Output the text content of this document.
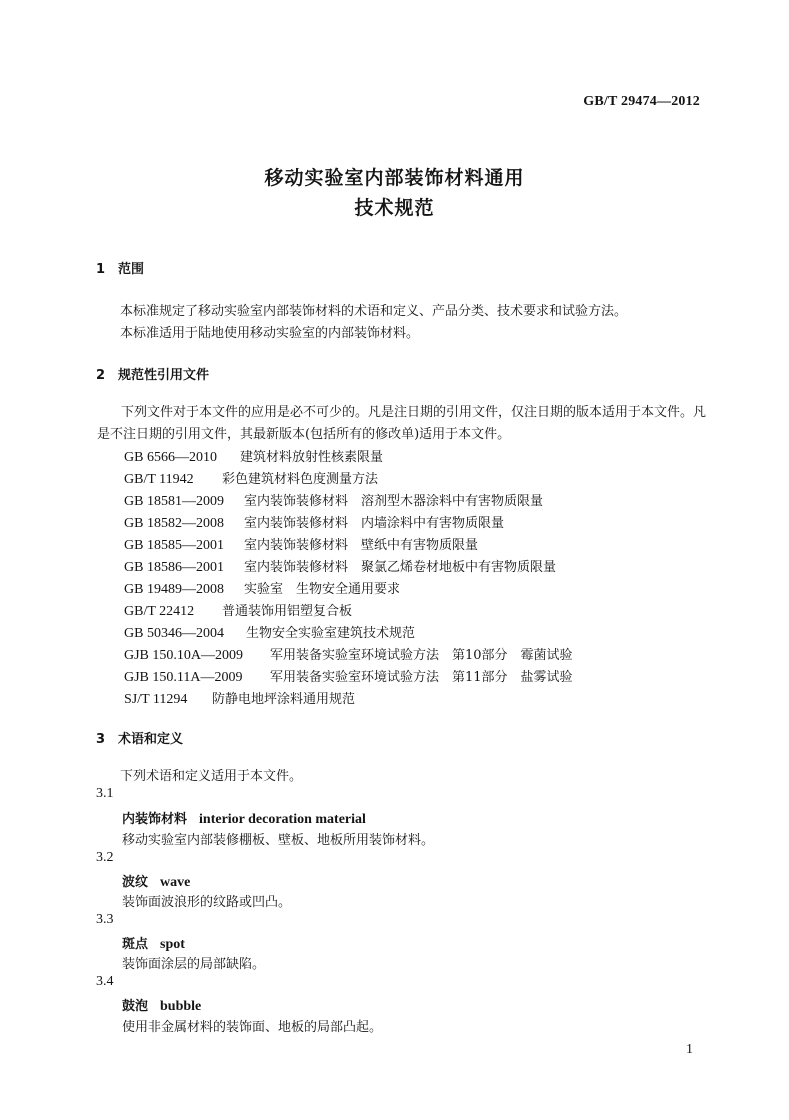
GB/T 29474—2012
移动实验室内部装饰材料通用
技术规范
1 范围
本标准规定了移动实验室内部装饰材料的术语和定义、产品分类、技术要求和试验方法。
本标准适用于陆地使用移动实验室的内部装饰材料。
2 规范性引用文件
下列文件对于本文件的应用是必不可少的。凡是注日期的引用文件，仅注日期的版本适用于本文件。凡是不注日期的引用文件，其最新版本(包括所有的修改单)适用于本文件。
GB 6566—2010 建筑材料放射性核素限量
GB/T 11942 彩色建筑材料色度测量方法
GB 18581—2009 室内装饰装修材料　溶剂型木器涂料中有害物质限量
GB 18582—2008 室内装饰装修材料　内墙涂料中有害物质限量
GB 18585—2001 室内装饰装修材料　壁纸中有害物质限量
GB 18586—2001 室内装饰装修材料　聚氯乙烯卷材地板中有害物质限量
GB 19489—2008 实验室　生物安全通用要求
GB/T 22412 普通装饰用铝塑复合板
GB 50346—2004 生物安全实验室建筑技术规范
GJB 150.10A—2009 军用装备实验室环境试验方法　第10部分　霉菌试验
GJB 150.11A—2009 军用装备实验室环境试验方法　第11部分　盐雾试验
SJ/T 11294 防静电地坪涂料通用规范
3 术语和定义
下列术语和定义适用于本文件。
3.1
内装饰材料 interior decoration material
移动实验室内部装修棚板、壁板、地板所用装饰材料。
3.2
波纹 wave
装饰面波浪形的纹路或凹凸。
3.3
斑点 spot
装饰面涂层的局部缺陷。
3.4
鼓泡 bubble
使用非金属材料的装饰面、地板的局部凸起。
1
